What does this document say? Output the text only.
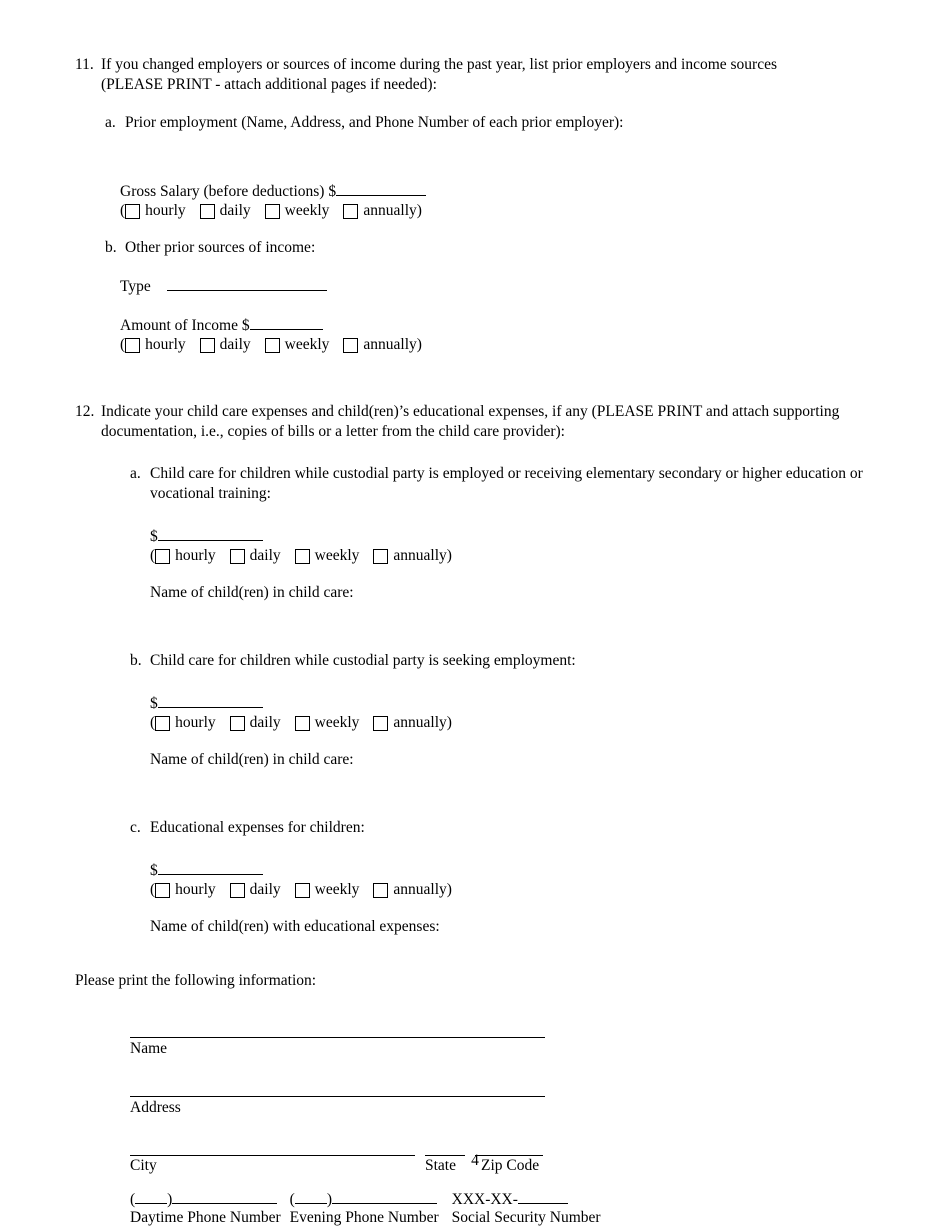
11. If you changed employers or sources of income during the past year, list prior employers and income sources
(PLEASE PRINT - attach additional pages if needed):
a. Prior employment (Name, Address, and Phone Number of each prior employer):
Gross Salary (before deductions) $
( hourly daily weekly annually )
b. Other prior sources of income:
Type
Amount of Income $
( hourly daily weekly annually )
12. Indicate your child care expenses and child(ren)’s educational expenses, if any (PLEASE PRINT and attach supporting
documentation, i.e., copies of bills or a letter from the child care provider):
a. Child care for children while custodial party is employed or receiving elementary secondary or higher education or
vocational training:
$
( hourly daily weekly annually )
Name of child(ren) in child care:
b. Child care for children while custodial party is seeking employment:
$
( hourly daily weekly annually )
Name of child(ren) in child care:
c. Educational expenses for children:
$
( hourly daily weekly annually )
Name of child(ren) with educational expenses:
Please print the following information:
Name
Address
City	State	Zip Code
( )
Daytime Phone Number
( )
Evening Phone Number
XXX-XX-
Social Security Number
4
